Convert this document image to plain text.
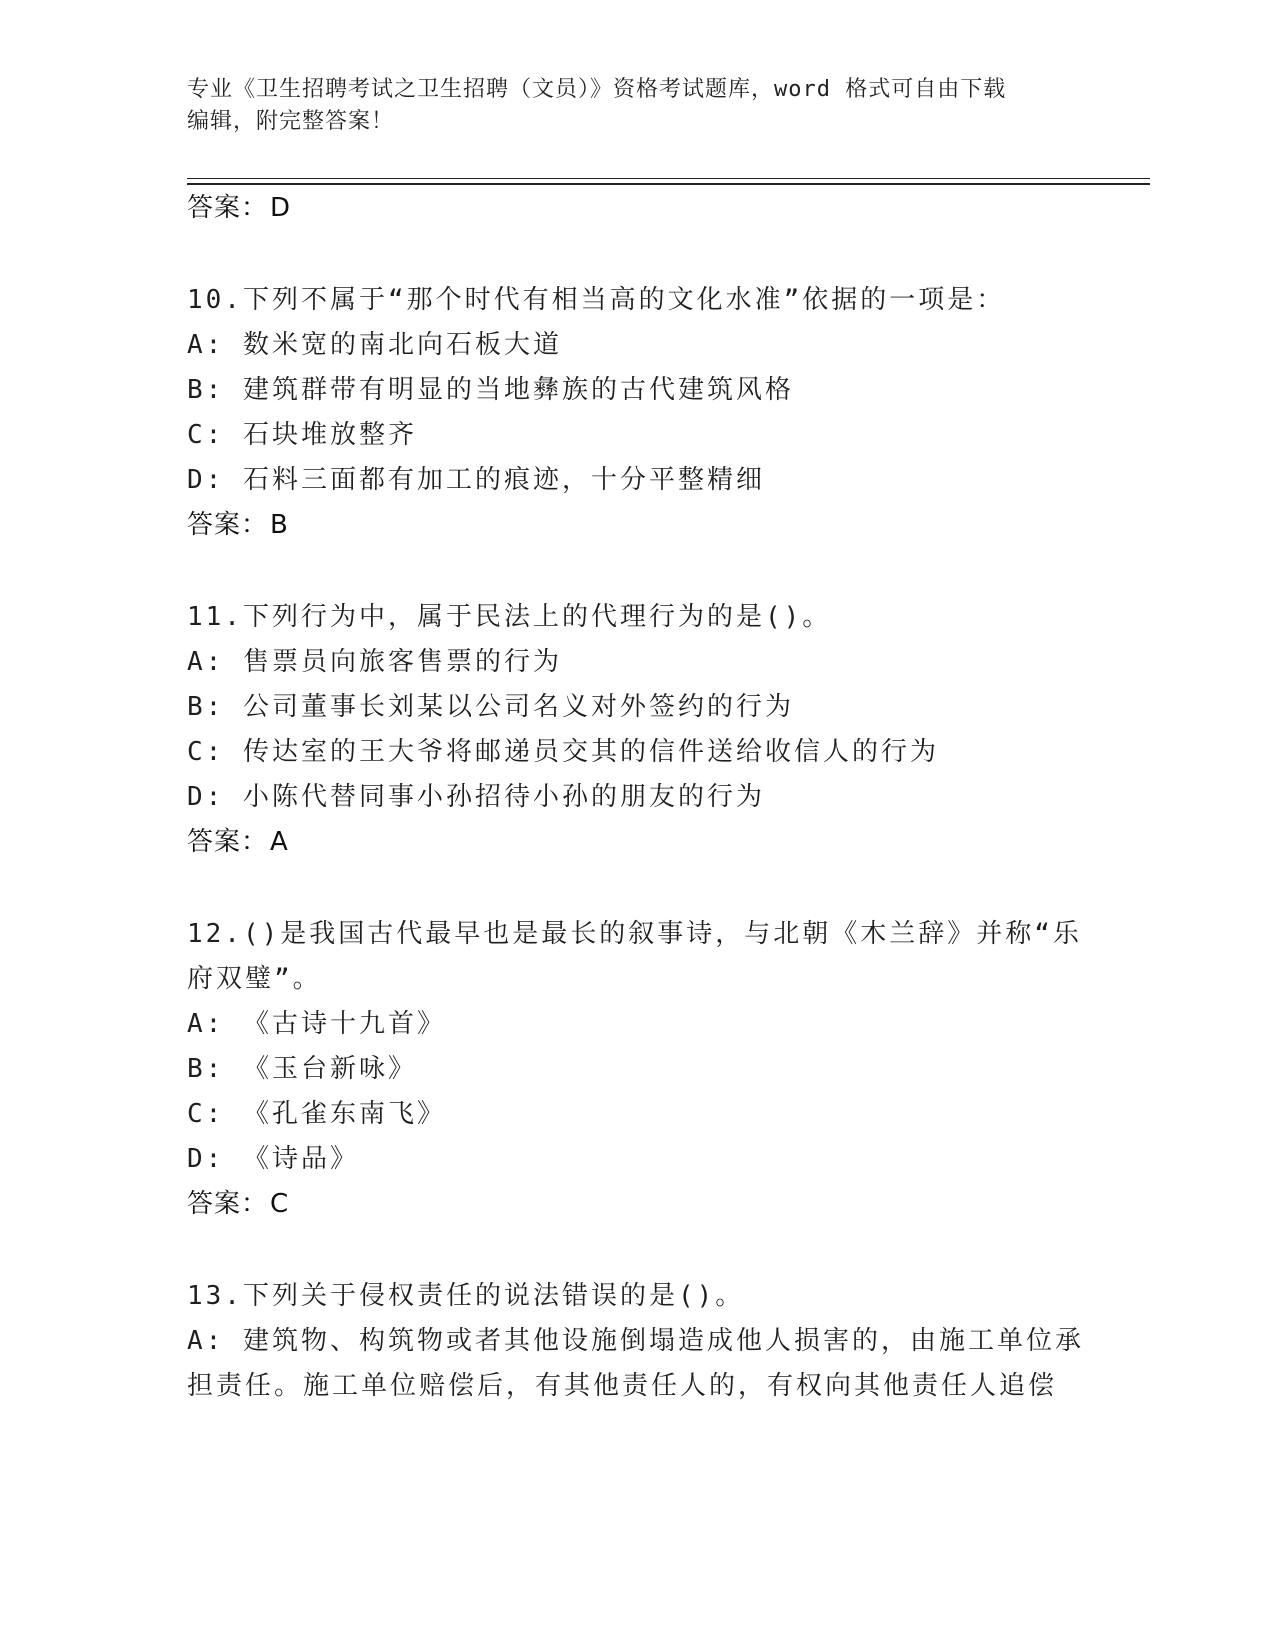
专业《卫生招聘考试之卫生招聘（文员）》资格考试题库，word 格式可自由下载
编辑，附完整答案！
答案：D
10.下列不属于“那个时代有相当高的文化水准”依据的一项是：
A: 数米宽的南北向石板大道
B: 建筑群带有明显的当地彝族的古代建筑风格
C: 石块堆放整齐
D: 石料三面都有加工的痕迹，十分平整精细
答案：B
11.下列行为中，属于民法上的代理行为的是()。
A: 售票员向旅客售票的行为
B: 公司董事长刘某以公司名义对外签约的行为
C: 传达室的王大爷将邮递员交其的信件送给收信人的行为
D: 小陈代替同事小孙招待小孙的朋友的行为
答案：A
12.()是我国古代最早也是最长的叙事诗，与北朝《木兰辞》并称“乐
府双璧”。
A: 《古诗十九首》
B: 《玉台新咏》
C: 《孔雀东南飞》
D: 《诗品》
答案：C
13.下列关于侵权责任的说法错误的是()。
A: 建筑物、构筑物或者其他设施倒塌造成他人损害的，由施工单位承
担责任。施工单位赔偿后，有其他责任人的，有权向其他责任人追偿
